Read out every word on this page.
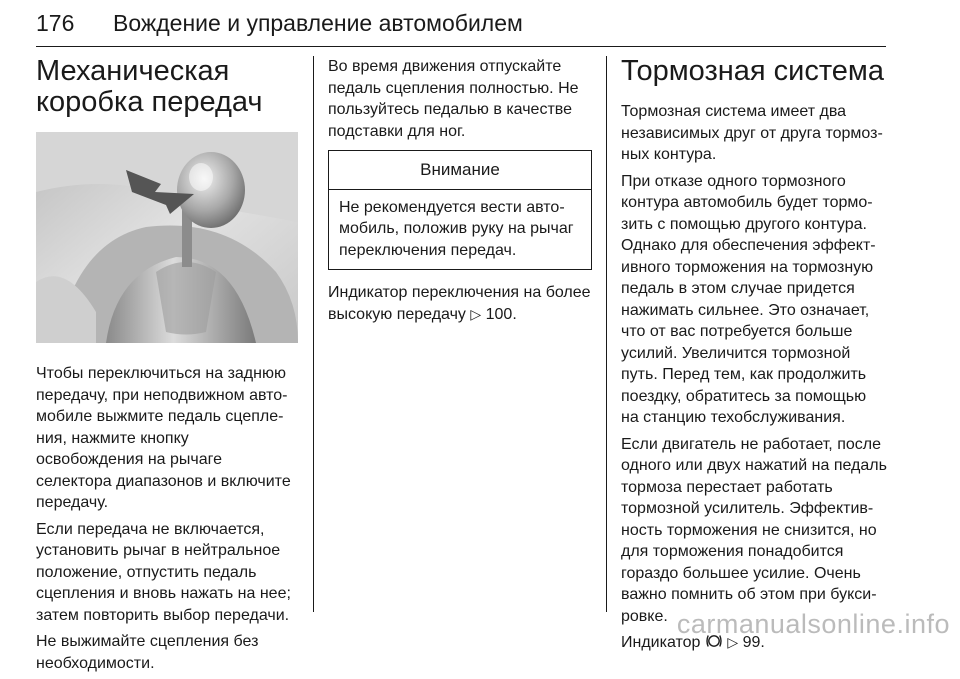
176 Вождение и управление автомобилем
Механическая
коробка передач

Чтобы переключиться на заднюю передачу, при неподвижном авто-мобиле выжмите педаль сцепле-ния, нажмите кнопку освобождения на рычаге селектора диапазонов и включите передачу.

Если передача не включается, установить рычаг в нейтральное положение, отпустить педаль сцепления и вновь нажать на нее; затем повторить выбор передачи.

Не выжимайте сцепления без необходимости.

Во время движения отпускайте педаль сцепления полностью. Не пользуйтесь педалью в качестве подставки для ног.

Внимание
Не рекомендуется вести авто-мобиль, положив руку на рычаг переключения передач.

Индикатор переключения на более высокую передачу ▷ 100.

Тормозная система

Тормозная система имеет два независимых друг от друга тормоз-ных контура.

При отказе одного тормозного контура автомобиль будет тормо-зить с помощью другого контура. Однако для обеспечения эффект-ивного торможения на тормозную педаль в этом случае придется нажимать сильнее. Это означает, что от вас потребуется больше усилий. Увеличится тормозной путь. Перед тем, как продолжить поездку, обратитесь за помощью на станцию техобслуживания.

Если двигатель не работает, после одного или двух нажатий на педаль тормоза перестает работать тормозной усилитель. Эффектив-ность торможения не снизится, но для торможения понадобится гораздо большее усилие. Очень важно помнить об этом при букси-ровке.

Индикатор ▷ 99.

carmanualsonline.info
